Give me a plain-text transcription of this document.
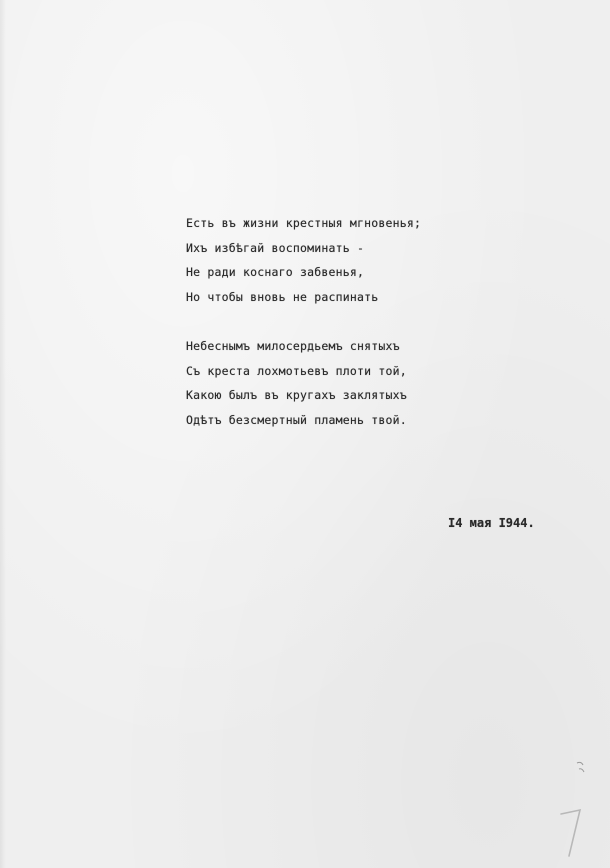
Есть въ жизни крестныя мгновенья;
Ихъ избѣгай воспоминать -
Не ради коснаго забвенья,
Но чтобы вновь не распинать
Небеснымъ милосердьемъ снятыхъ
Съ креста лохмотьевъ плоти той,
Какою былъ въ кругахъ заклятыхъ
Одѣтъ безсмертный пламень твой.
I4 мая I944.
